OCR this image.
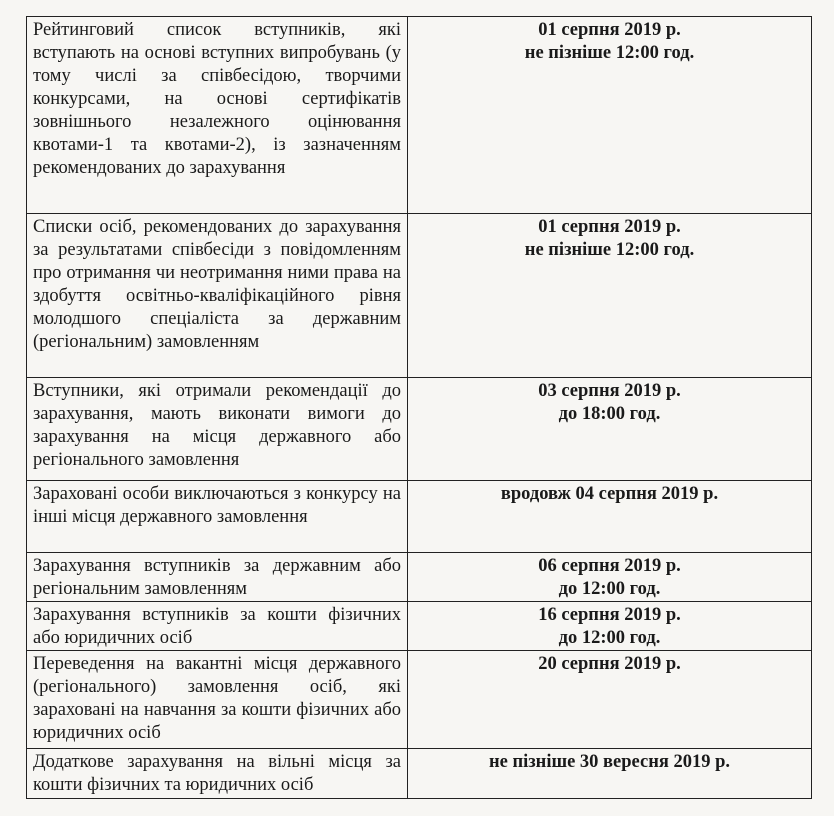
Рейтинговий список вступників, які вступають на основі вступних випробувань (у тому числі за співбесідою, творчими конкурсами, на основі сертифікатів зовнішнього незалежного оцінювання квотами-1 та квотами-2), із зазначенням рекомендованих до зарахування	01 серпня 2019 р.
не пізніше 12:00 год.

Списки осіб, рекомендованих до зарахування за результатами співбесіди з повідомленням про отримання чи неотримання ними права на здобуття освітньо-кваліфікаційного рівня молодшого спеціаліста за державним (регіональним) замовленням	01 серпня 2019 р.
не пізніше 12:00 год.

Вступники, які отримали рекомендації до зарахування, мають виконати вимоги до зарахування на місця державного або регіонального замовлення	03 серпня 2019 р.
до 18:00 год.

Зараховані особи виключаються з конкурсу на інші місця державного замовлення	вродовж 04 серпня 2019 р.

Зарахування вступників за державним або регіональним замовленням	06 серпня 2019 р.
до 12:00 год.

Зарахування вступників за кошти фізичних або юридичних осіб	16 серпня 2019 р.
до 12:00 год.

Переведення на вакантні місця державного (регіонального) замовлення осіб, які зараховані на навчання за кошти фізичних або юридичних осіб	20 серпня 2019 р.

Додаткове зарахування на вільні місця за кошти фізичних та юридичних осіб	не пізніше 30 вересня 2019 р.
